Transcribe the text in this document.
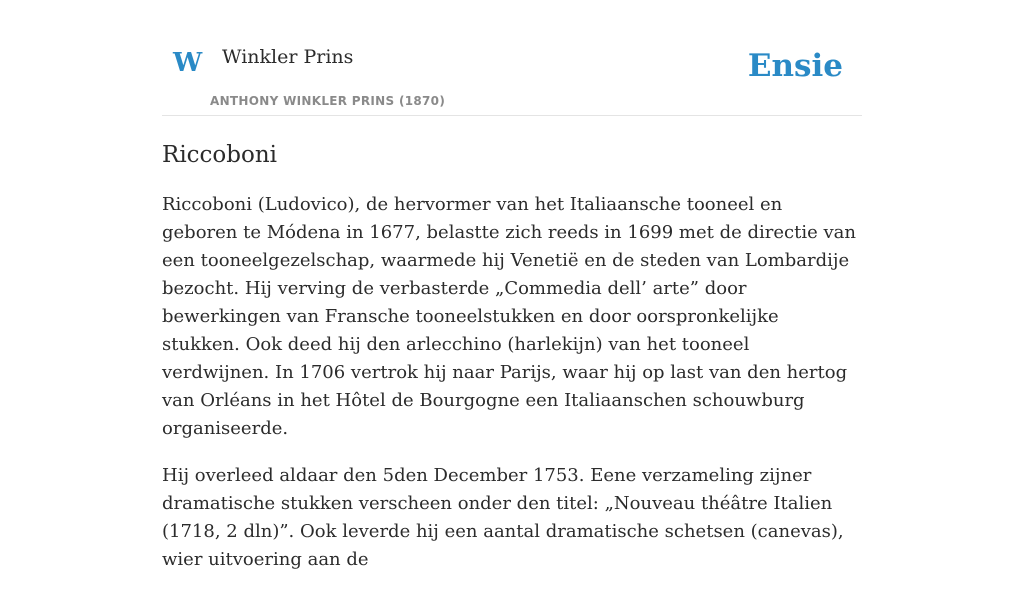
W Winkler Prins
ANTHONY WINKLER PRINS (1870)
Ensie
Riccoboni

Riccoboni (Ludovico), de hervormer van het Italiaansche tooneel en geboren te Módena in 1677, belastte zich reeds in 1699 met de directie van een tooneelgezelschap, waarmede hij Venetië en de steden van Lombardije bezocht. Hij verving de verbasterde „Commedia dell’ arte” door bewerkingen van Fransche tooneelstukken en door oorspronkelijke stukken. Ook deed hij den arlecchino (harlekijn) van het tooneel verdwijnen. In 1706 vertrok hij naar Parijs, waar hij op last van den hertog van Orléans in het Hôtel de Bourgogne een Italiaanschen schouwburg organiseerde.

Hij overleed aldaar den 5den December 1753. Eene verzameling zijner dramatische stukken verscheen onder den titel: „Nouveau théâtre Italien (1718, 2 dln)”. Ook leverde hij een aantal dramatische schetsen (canevas), wier uitvoering aan de
